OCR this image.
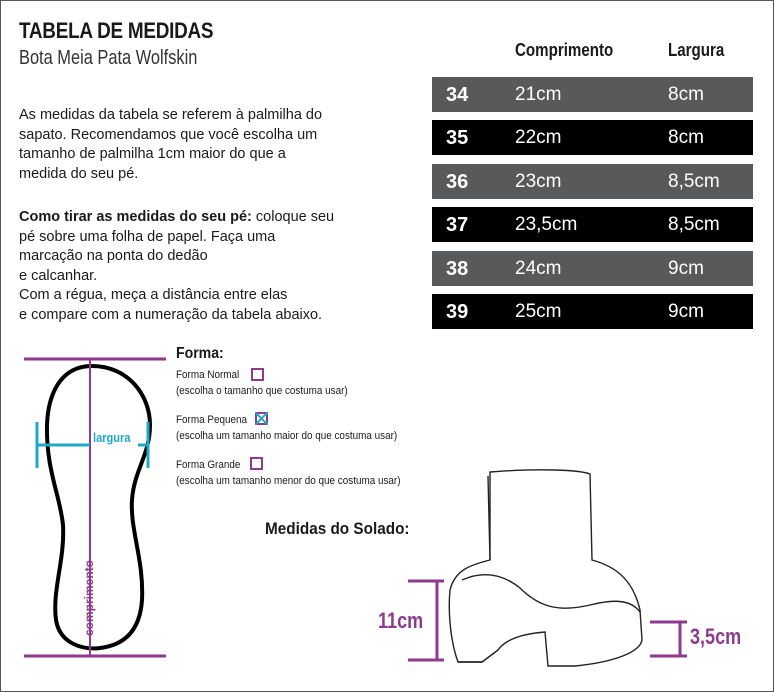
TABELA DE MEDIDAS
Bota Meia Pata Wolfskin
As medidas da tabela se referem à palmilha do
sapato. Recomendamos que você escolha um
tamanho de palmilha 1cm maior do que a
medida do seu pé.
Como tirar as medidas do seu pé: coloque seu
pé sobre uma folha de papel. Faça uma
marcação na ponta do dedão
e calcanhar.
Com a régua, meça a distância entre elas
e compare com a numeração da tabela abaixo.
Comprimento	Largura
34 21cm	8cm
35 22cm	8cm
36 23cm	8,5cm
37 23,5cm	8,5cm
38 24cm	9cm
39 25cm	9cm
largura
comprimento
Forma:
Forma Normal
(escolha o tamanho que costuma usar)
Forma Pequena
(escolha um tamanho maior do que costuma usar)
Forma Grande
(escolha um tamanho menor do que costuma usar)
Medidas do Solado:
11cm
3,5cm
